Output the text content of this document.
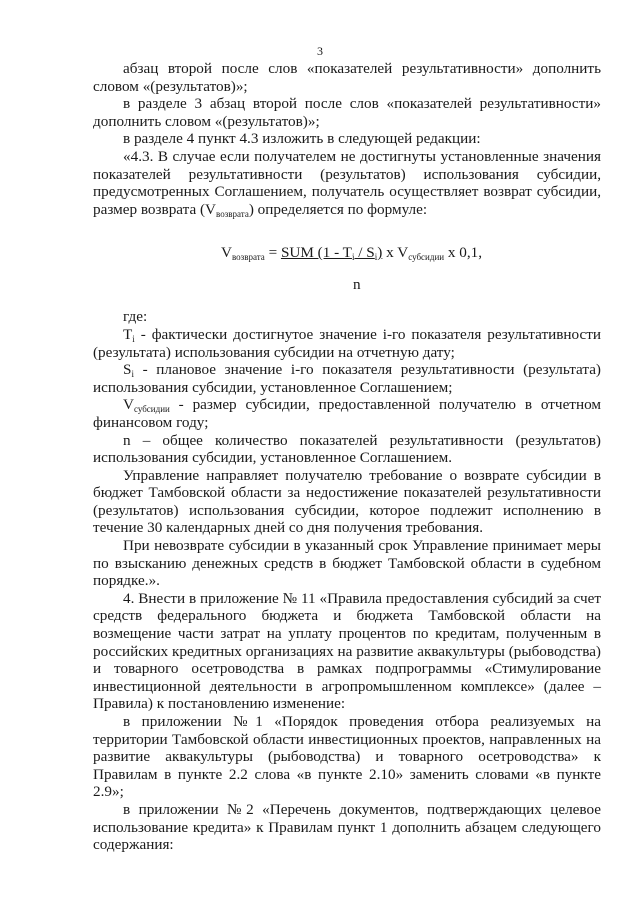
3

абзац второй после слов «показателей результативности» дополнить словом «(результатов)»;

в разделе 3 абзац второй после слов «показателей результативности» дополнить словом «(результатов)»;

в разделе 4 пункт 4.3 изложить в следующей редакции:

«4.3. В случае если получателем не достигнуты установленные значения показателей результативности (результатов) использования субсидии, предусмотренных Соглашением, получатель осуществляет возврат субсидии, размер возврата $(V_{возврата})$ определяется по формуле:

$V_{возврата}$ = SUM $(1 - T_i / S_i)$ x $V_{субсидии}$ x 0,1,
n

где:

$T_i$ - фактически достигнутое значение i-го показателя результативности (результата) использования субсидии на отчетную дату;

$S_i$ - плановое значение i-го показателя результативности (результата) использования субсидии, установленное Соглашением;

$V_{субсидии}$ - размер субсидии, предоставленной получателю в отчетном финансовом году;

n – общее количество показателей результативности (результатов) использования субсидии, установленное Соглашением.

Управление направляет получателю требование о возврате субсидии в бюджет Тамбовской области за недостижение показателей результативности (результатов) использования субсидии, которое подлежит исполнению в течение 30 календарных дней со дня получения требования.

При невозврате субсидии в указанный срок Управление принимает меры по взысканию денежных средств в бюджет Тамбовской области в судебном порядке.».

4. Внести в приложение № 11 «Правила предоставления субсидий за счет средств федерального бюджета и бюджета Тамбовской области на возмещение части затрат на уплату процентов по кредитам, полученным в российских кредитных организациях на развитие аквакультуры (рыбоводства) и товарного осетроводства в рамках подпрограммы «Стимулирование инвестиционной деятельности в агропромышленном комплексе» (далее – Правила) к постановлению изменение:

в приложении №1 «Порядок проведения отбора реализуемых на территории Тамбовской области инвестиционных проектов, направленных на развитие аквакультуры (рыбоводства) и товарного осетроводства» к Правилам в пункте 2.2 слова «в пункте 2.10» заменить словами «в пункте 2.9»;

в приложении №2 «Перечень документов, подтверждающих целевое использование кредита» к Правилам пункт 1 дополнить абзацем следующего содержания:
